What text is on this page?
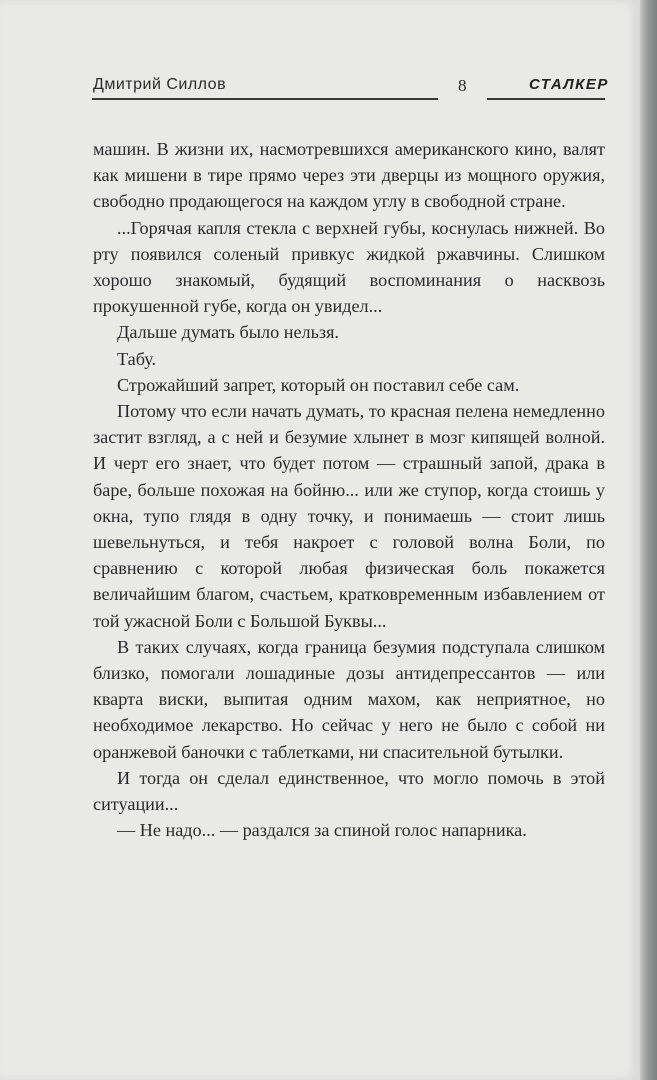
Дмитрий Силлов	8	СТАЛКЕР

машин. В жизни их, насмотревшихся американского кино, валят как мишени в тире прямо через эти дверцы из мощного оружия, свободно продающегося на каждом углу в свободной стране.

...Горячая капля стекла с верхней губы, коснулась нижней. Во рту появился соленый привкус жидкой ржавчины. Слишком хорошо знакомый, будящий воспоминания о насквозь прокушенной губе, когда он увидел...

Дальше думать было нельзя.

Табу.

Строжайший запрет, который он поставил себе сам.

Потому что если начать думать, то красная пелена немедленно застит взгляд, а с ней и безумие хлынет в мозг кипящей волной. И черт его знает, что будет потом — страшный запой, драка в баре, больше похожая на бойню... или же ступор, когда стоишь у окна, тупо глядя в одну точку, и понимаешь — стоит лишь шевельнуться, и тебя накроет с головой волна Боли, по сравнению с которой любая физическая боль покажется величайшим благом, счастьем, кратковременным избавлением от той ужасной Боли с Большой Буквы...

В таких случаях, когда граница безумия подступала слишком близко, помогали лошадиные дозы антидепрессантов — или кварта виски, выпитая одним махом, как неприятное, но необходимое лекарство. Но сейчас у него не было с собой ни оранжевой баночки с таблетками, ни спасительной бутылки.

И тогда он сделал единственное, что могло помочь в этой ситуации...

— Не надо... — раздался за спиной голос напарника.
